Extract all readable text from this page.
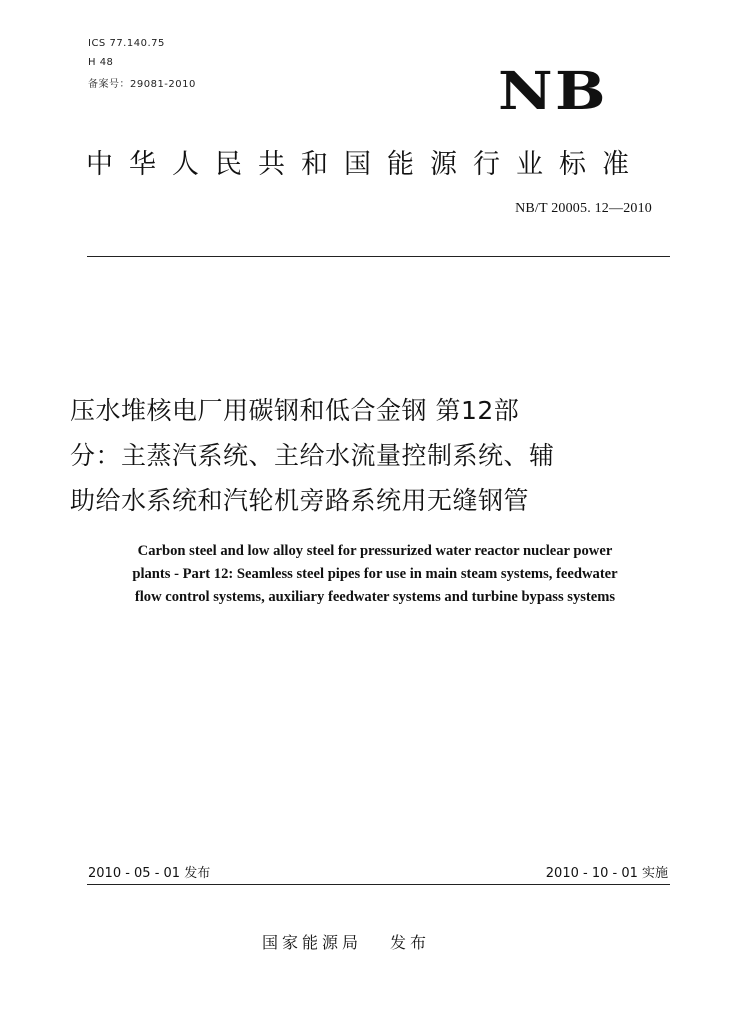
ICS 77.140.75
H 48
备案号：29081-2010	NB
中华人民共和国能源行业标准
NB/T 20005. 12—2010
压水堆核电厂用碳钢和低合金钢 第12部
分：主蒸汽系统、主给水流量控制系统、辅
助给水系统和汽轮机旁路系统用无缝钢管
Carbon steel and low alloy steel for pressurized water reactor nuclear power
plants - Part 12: Seamless steel pipes for use in main steam systems, feedwater
flow control systems, auxiliary feedwater systems and turbine bypass systems
2010 - 05 - 01 发布	2010 - 10 - 01 实施
国家能源局 发布
